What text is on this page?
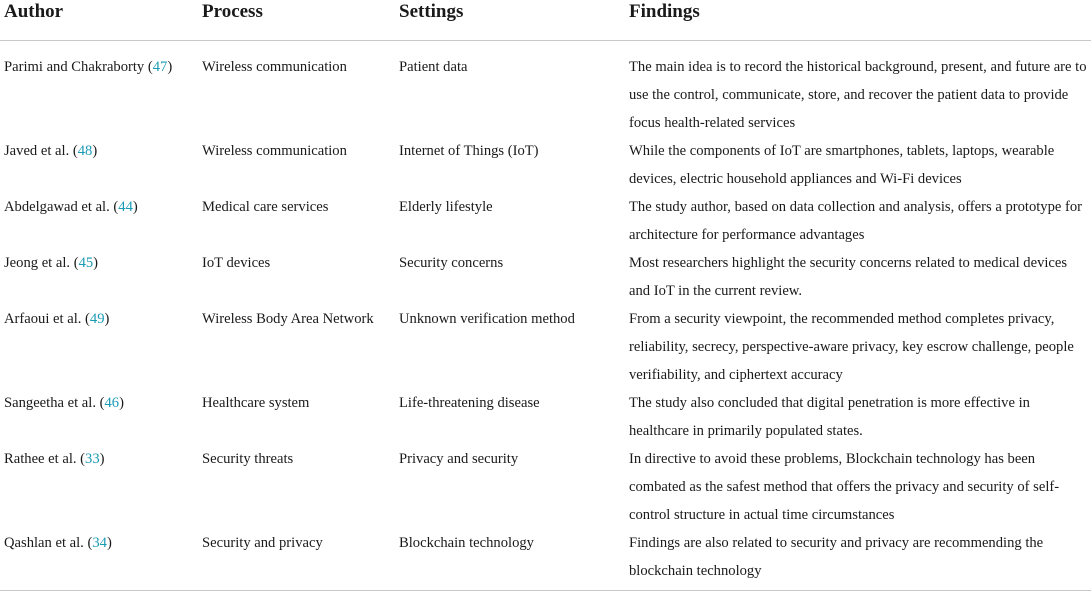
Author	Process	Settings	Findings
Parimi and Chakraborty (47)	Wireless communication	Patient data	The main idea is to record the historical background, present, and future are to use the control, communicate, store, and recover the patient data to provide focus health-related services
Javed et al. (48)	Wireless communication	Internet of Things (IoT)	While the components of IoT are smartphones, tablets, laptops, wearable devices, electric household appliances and Wi-Fi devices
Abdelgawad et al. (44)	Medical care services	Elderly lifestyle	The study author, based on data collection and analysis, offers a prototype for architecture for performance advantages
Jeong et al. (45)	IoT devices	Security concerns	Most researchers highlight the security concerns related to medical devices and IoT in the current review.
Arfaoui et al. (49)	Wireless Body Area Network	Unknown verification method	From a security viewpoint, the recommended method completes privacy, reliability, secrecy, perspective-aware privacy, key escrow challenge, people verifiability, and ciphertext accuracy
Sangeetha et al. (46)	Healthcare system	Life-threatening disease	The study also concluded that digital penetration is more effective in healthcare in primarily populated states.
Rathee et al. (33)	Security threats	Privacy and security	In directive to avoid these problems, Blockchain technology has been combated as the safest method that offers the privacy and security of self-control structure in actual time circumstances
Qashlan et al. (34)	Security and privacy	Blockchain technology	Findings are also related to security and privacy are recommending the blockchain technology
